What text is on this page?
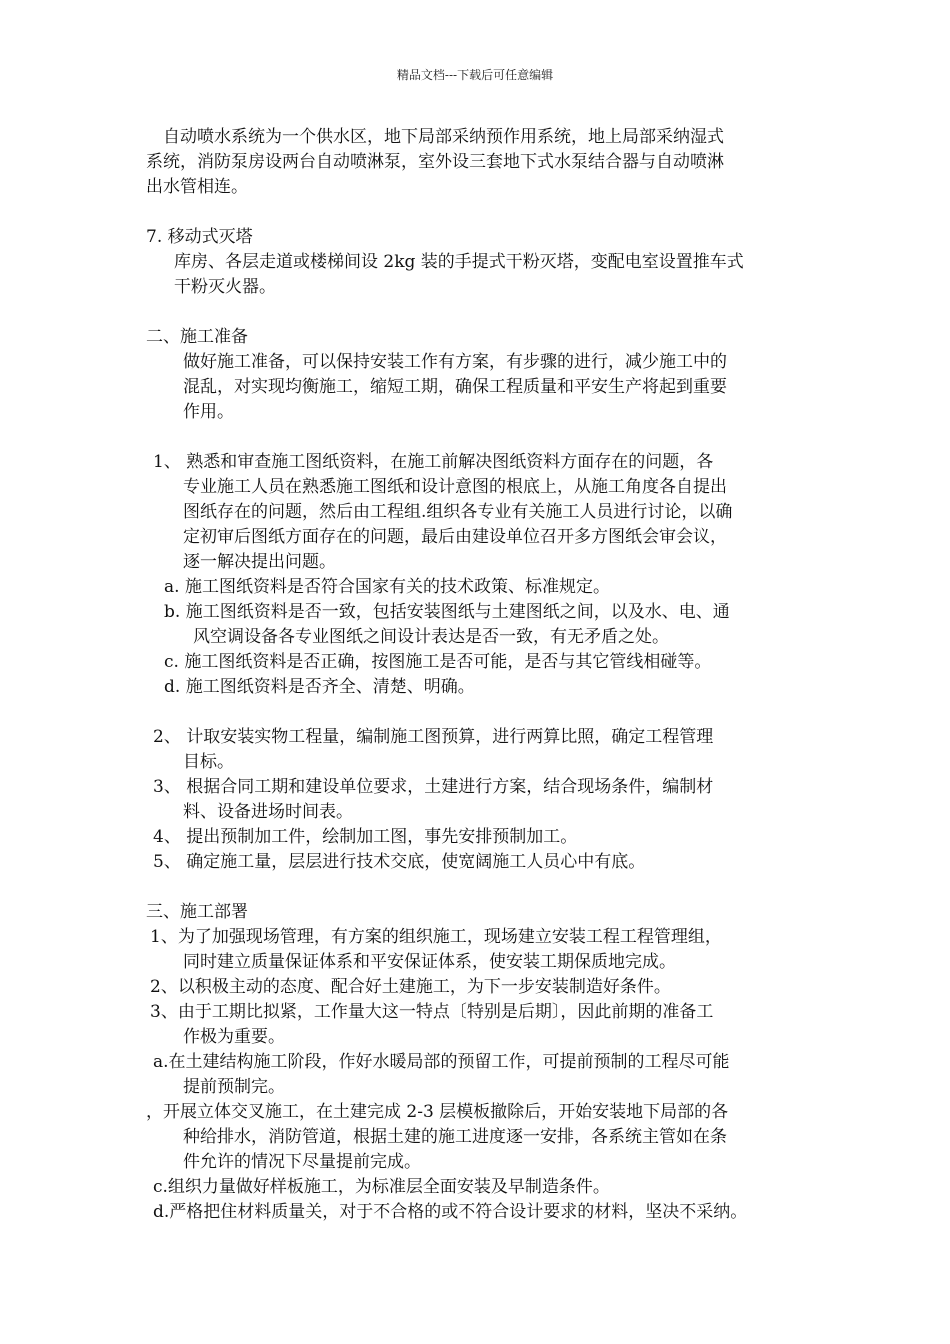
精品文档---下载后可任意编辑
自动喷水系统为一个供水区，地下局部采纳预作用系统，地上局部采纳湿式
系统，消防泵房设两台自动喷淋泵，室外设三套地下式水泵结合器与自动喷淋
出水管相连。
7. 移动式灭塔
库房、各层走道或楼梯间设 2kg 装的手提式干粉灭塔，变配电室设置推车式
干粉灭火器。
二、施工准备
做好施工准备，可以保持安装工作有方案，有步骤的进行，减少施工中的
混乱，对实现均衡施工，缩短工期，确保工程质量和平安生产将起到重要
作用。
1、 熟悉和审查施工图纸资料，在施工前解决图纸资料方面存在的问题，各
专业施工人员在熟悉施工图纸和设计意图的根底上，从施工角度各自提出
图纸存在的问题，然后由工程组.组织各专业有关施工人员进行讨论，以确
定初审后图纸方面存在的问题，最后由建设单位召开多方图纸会审会议，
逐一解决提出问题。
a. 施工图纸资料是否符合国家有关的技术政策、标准规定。
b. 施工图纸资料是否一致，包括安装图纸与土建图纸之间，以及水、电、通
风空调设备各专业图纸之间设计表达是否一致，有无矛盾之处。
c. 施工图纸资料是否正确，按图施工是否可能，是否与其它管线相碰等。
d. 施工图纸资料是否齐全、清楚、明确。
2、 计取安装实物工程量，编制施工图预算，进行两算比照，确定工程管理
目标。
3、 根据合同工期和建设单位要求，土建进行方案，结合现场条件，编制材
料、设备进场时间表。
4、 提出预制加工件，绘制加工图，事先安排预制加工。
5、 确定施工量，层层进行技术交底，使宽阔施工人员心中有底。
三、施工部署
1、为了加强现场管理，有方案的组织施工，现场建立安装工程工程管理组，
同时建立质量保证体系和平安保证体系，使安装工期保质地完成。
2、以积极主动的态度、配合好土建施工，为下一步安装制造好条件。
3、由于工期比拟紧，工作量大这一特点〔特别是后期〕，因此前期的准备工
作极为重要。
a.在土建结构施工阶段，作好水暖局部的预留工作，可提前预制的工程尽可能
提前预制完。
，开展立体交叉施工，在土建完成 2-3 层模板撤除后，开始安装地下局部的各
种给排水，消防管道，根据土建的施工进度逐一安排，各系统主管如在条
件允许的情况下尽量提前完成。
c.组织力量做好样板施工，为标准层全面安装及早制造条件。
d.严格把住材料质量关，对于不合格的或不符合设计要求的材料，坚决不采纳。
